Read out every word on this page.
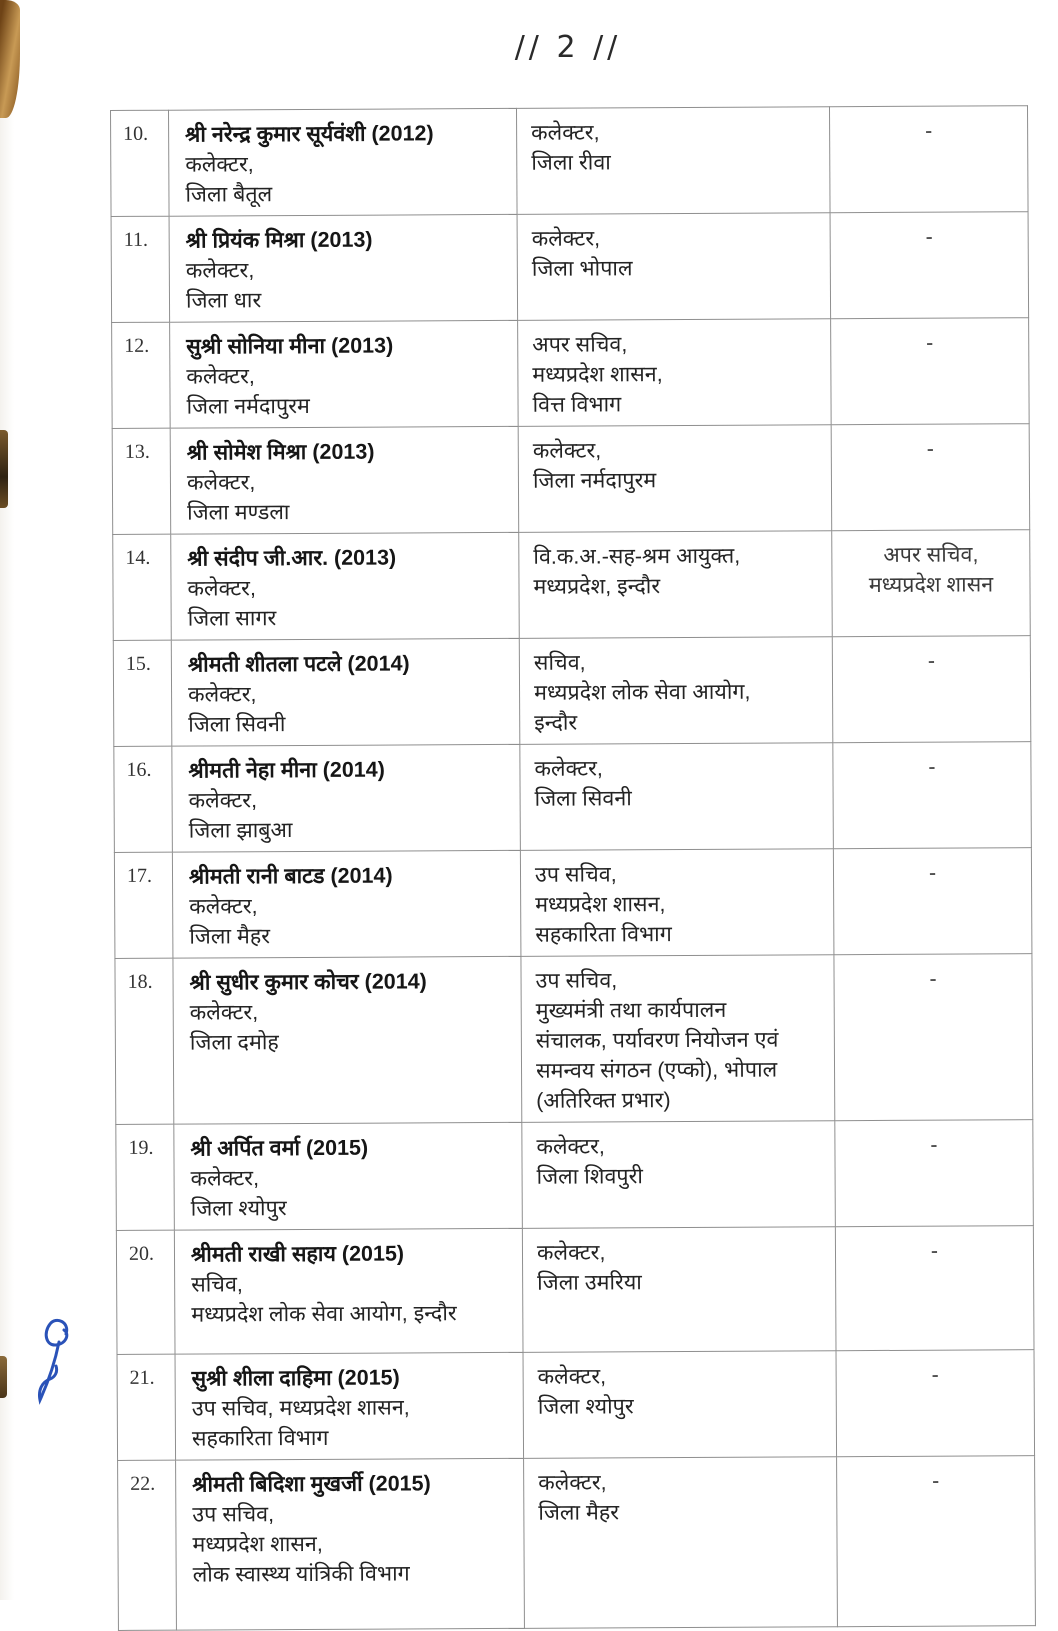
// 2 //
10.	श्री नरेन्द्र कुमार सूर्यवंशी (2012)
कलेक्टर,
जिला बैतूल

कलेक्टर,
जिला रीवा

-

11.	श्री प्रियंक मिश्रा (2013)
कलेक्टर,
जिला धार

कलेक्टर,
जिला भोपाल

-

12.	सुश्री सोनिया मीना (2013)
कलेक्टर,
जिला नर्मदापुरम

अपर सचिव,
मध्यप्रदेश शासन,
वित्त विभाग

-

13.	श्री सोमेश मिश्रा (2013)
कलेक्टर,
जिला मण्डला

कलेक्टर,
जिला नर्मदापुरम

-

14.	श्री संदीप जी.आर. (2013)
कलेक्टर,
जिला सागर

वि.क.अ.-सह-श्रम आयुक्त,
मध्यप्रदेश, इन्दौर

अपर सचिव,
मध्यप्रदेश शासन

15.	श्रीमती शीतला पटले (2014)
कलेक्टर,
जिला सिवनी

सचिव,
मध्यप्रदेश लोक सेवा आयोग,
इन्दौर

-

16.	श्रीमती नेहा मीना (2014)
कलेक्टर,
जिला झाबुआ

कलेक्टर,
जिला सिवनी

-

17.	श्रीमती रानी बाटड (2014)
कलेक्टर,
जिला मैहर

उप सचिव,
मध्यप्रदेश शासन,
सहकारिता विभाग

-

18.	श्री सुधीर कुमार कोचर (2014)
कलेक्टर,
जिला दमोह

उप सचिव,
मुख्यमंत्री तथा कार्यपालन
संचालक, पर्यावरण नियोजन एवं
समन्वय संगठन (एप्को), भोपाल
(अतिरिक्त प्रभार)

-

19.	श्री अर्पित वर्मा (2015)
कलेक्टर,
जिला श्योपुर

कलेक्टर,
जिला शिवपुरी

-

20.	श्रीमती राखी सहाय (2015)
सचिव,
मध्यप्रदेश लोक सेवा आयोग, इन्दौर

कलेक्टर,
जिला उमरिया

-

21.	सुश्री शीला दाहिमा (2015)
उप सचिव, मध्यप्रदेश शासन,
सहकारिता विभाग

कलेक्टर,
जिला श्योपुर

-

22.	श्रीमती बिदिशा मुखर्जी (2015)
उप सचिव,
मध्यप्रदेश शासन,
लोक स्वास्थ्य यांत्रिकी विभाग

कलेक्टर,
जिला मैहर

-
